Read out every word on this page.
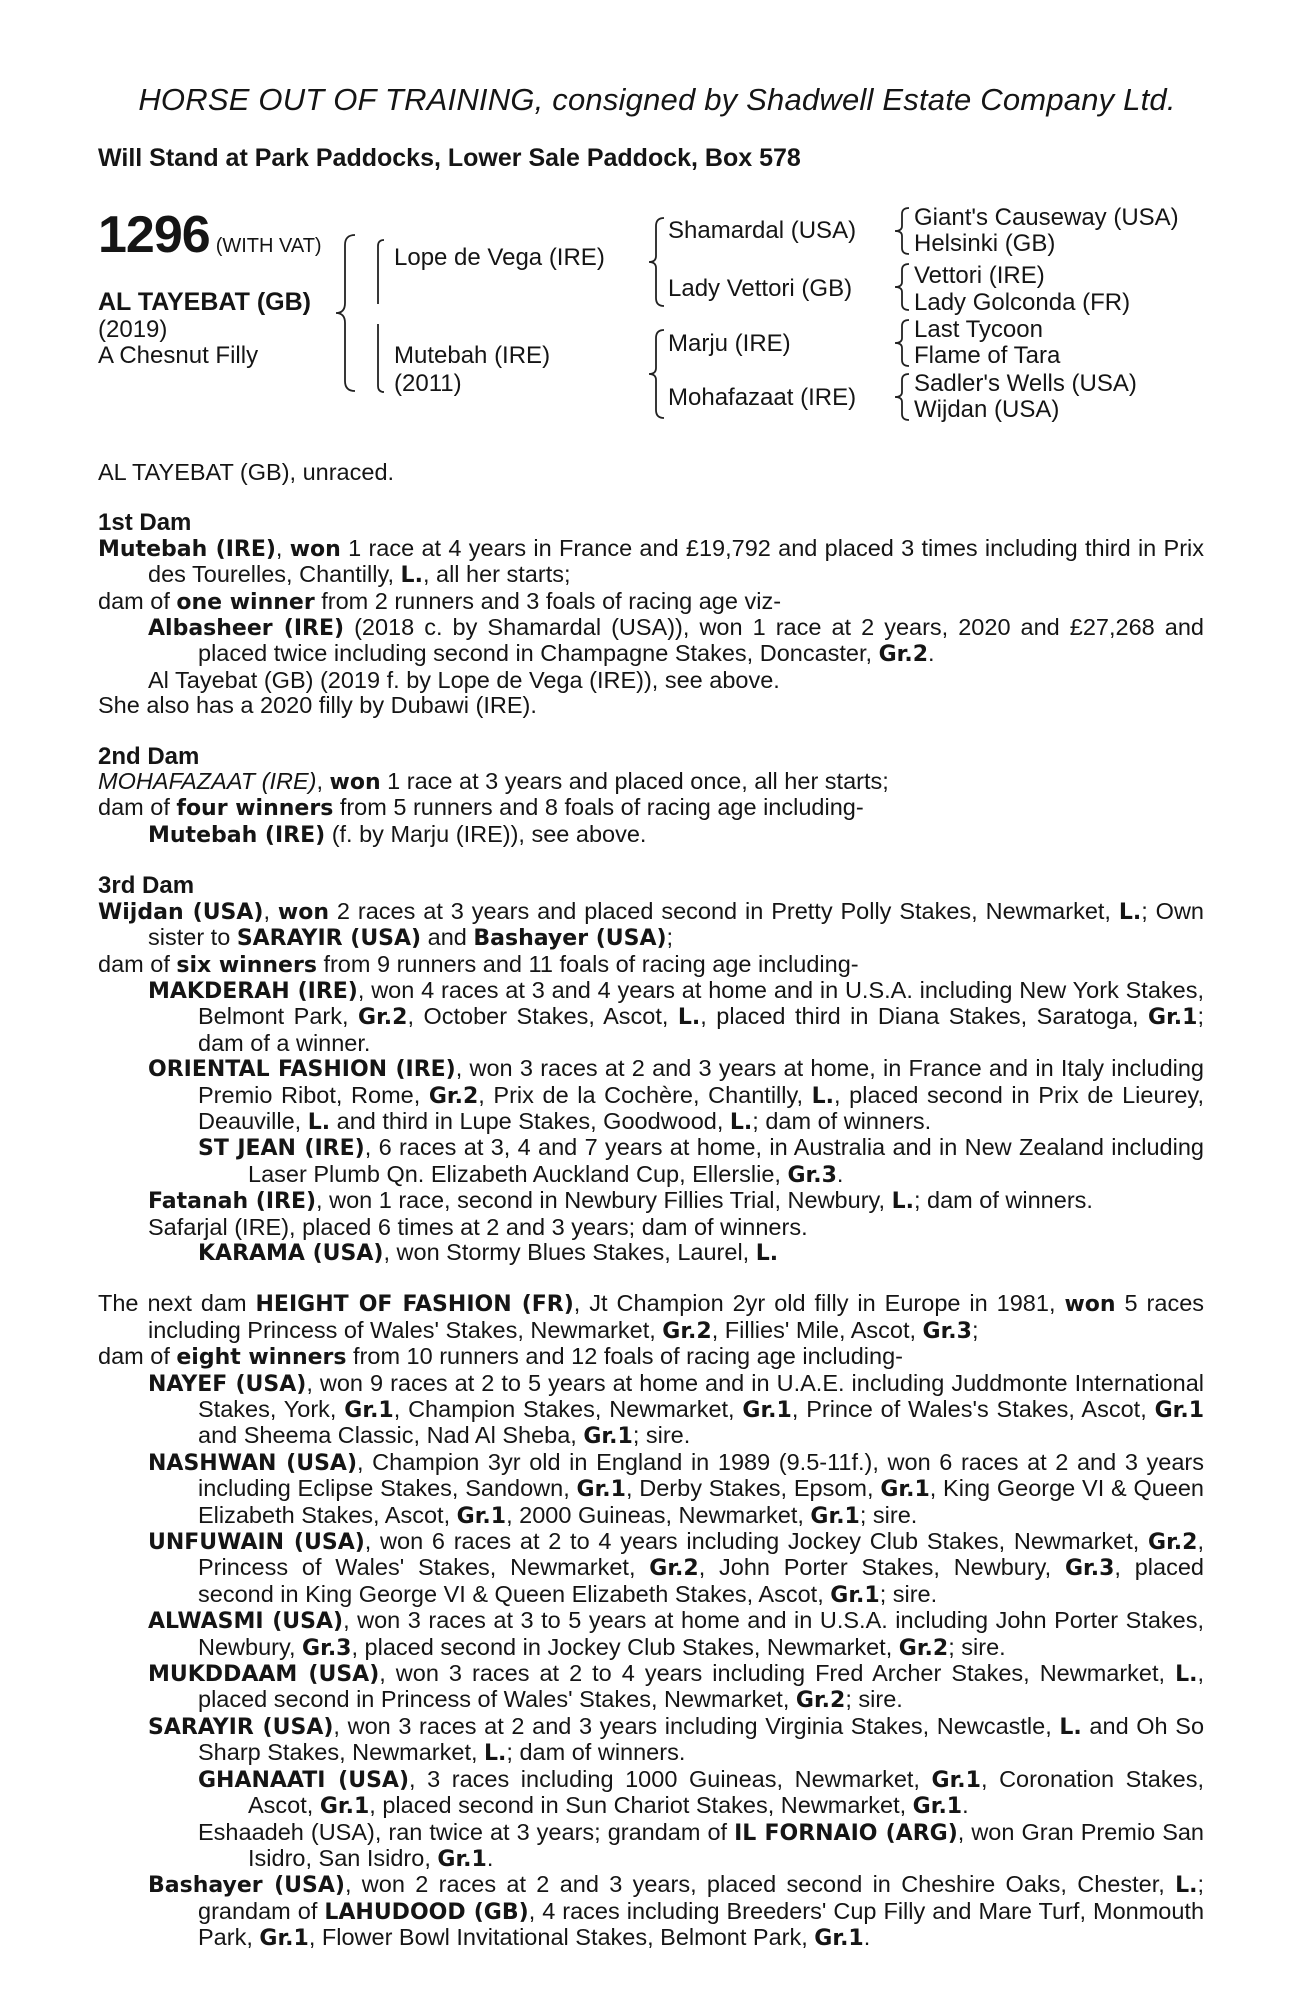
HORSE OUT OF TRAINING, consigned by Shadwell Estate Company Ltd.
Will Stand at Park Paddocks, Lower Sale Paddock, Box 578
1296 (WITH VAT)
AL TAYEBAT (GB)
(2019)
A Chesnut Filly
Lope de Vega (IRE)
Mutebah (IRE)
(2011)
Shamardal (USA)
Lady Vettori (GB)
Marju (IRE)
Mohafazaat (IRE)
Giant's Causeway (USA)
Helsinki (GB)
Vettori (IRE)
Lady Golconda (FR)
Last Tycoon
Flame of Tara
Sadler's Wells (USA)
Wijdan (USA)

AL TAYEBAT (GB), unraced.

1st Dam

Mutebah (IRE), won 1 race at 4 years in France and £19,792 and placed 3 times including third in Prix des Tourelles, Chantilly, L., all her starts;

dam of one winner from 2 runners and 3 foals of racing age viz-

Albasheer (IRE) (2018 c. by Shamardal (USA)), won 1 race at 2 years, 2020 and £27,268 and placed twice including second in Champagne Stakes, Doncaster, Gr.2.

Al Tayebat (GB) (2019 f. by Lope de Vega (IRE)), see above.

She also has a 2020 filly by Dubawi (IRE).

2nd Dam

MOHAFAZAAT (IRE), won 1 race at 3 years and placed once, all her starts;

dam of four winners from 5 runners and 8 foals of racing age including-

Mutebah (IRE) (f. by Marju (IRE)), see above.

3rd Dam

Wijdan (USA), won 2 races at 3 years and placed second in Pretty Polly Stakes, Newmarket, L.; Own sister to SARAYIR (USA) and Bashayer (USA);

dam of six winners from 9 runners and 11 foals of racing age including-

MAKDERAH (IRE), won 4 races at 3 and 4 years at home and in U.S.A. including New York Stakes, Belmont Park, Gr.2, October Stakes, Ascot, L., placed third in Diana Stakes, Saratoga, Gr.1; dam of a winner.

ORIENTAL FASHION (IRE), won 3 races at 2 and 3 years at home, in France and in Italy including Premio Ribot, Rome, Gr.2, Prix de la Cochère, Chantilly, L., placed second in Prix de Lieurey, Deauville, L. and third in Lupe Stakes, Goodwood, L.; dam of winners.

ST JEAN (IRE), 6 races at 3, 4 and 7 years at home, in Australia and in New Zealand including Laser Plumb Qn. Elizabeth Auckland Cup, Ellerslie, Gr.3.

Fatanah (IRE), won 1 race, second in Newbury Fillies Trial, Newbury, L.; dam of winners.

Safarjal (IRE), placed 6 times at 2 and 3 years; dam of winners.

KARAMA (USA), won Stormy Blues Stakes, Laurel, L.

The next dam HEIGHT OF FASHION (FR), Jt Champion 2yr old filly in Europe in 1981, won 5 races including Princess of Wales' Stakes, Newmarket, Gr.2, Fillies' Mile, Ascot, Gr.3;

dam of eight winners from 10 runners and 12 foals of racing age including-

NAYEF (USA), won 9 races at 2 to 5 years at home and in U.A.E. including Juddmonte International Stakes, York, Gr.1, Champion Stakes, Newmarket, Gr.1, Prince of Wales's Stakes, Ascot, Gr.1 and Sheema Classic, Nad Al Sheba, Gr.1; sire.

NASHWAN (USA), Champion 3yr old in England in 1989 (9.5-11f.), won 6 races at 2 and 3 years including Eclipse Stakes, Sandown, Gr.1, Derby Stakes, Epsom, Gr.1, King George VI & Queen Elizabeth Stakes, Ascot, Gr.1, 2000 Guineas, Newmarket, Gr.1; sire.

UNFUWAIN (USA), won 6 races at 2 to 4 years including Jockey Club Stakes, Newmarket, Gr.2, Princess of Wales' Stakes, Newmarket, Gr.2, John Porter Stakes, Newbury, Gr.3, placed second in King George VI & Queen Elizabeth Stakes, Ascot, Gr.1; sire.

ALWASMI (USA), won 3 races at 3 to 5 years at home and in U.S.A. including John Porter Stakes, Newbury, Gr.3, placed second in Jockey Club Stakes, Newmarket, Gr.2; sire.

MUKDDAAM (USA), won 3 races at 2 to 4 years including Fred Archer Stakes, Newmarket, L., placed second in Princess of Wales' Stakes, Newmarket, Gr.2; sire.

SARAYIR (USA), won 3 races at 2 and 3 years including Virginia Stakes, Newcastle, L. and Oh So Sharp Stakes, Newmarket, L.; dam of winners.

GHANAATI (USA), 3 races including 1000 Guineas, Newmarket, Gr.1, Coronation Stakes, Ascot, Gr.1, placed second in Sun Chariot Stakes, Newmarket, Gr.1.

Eshaadeh (USA), ran twice at 3 years; grandam of IL FORNAIO (ARG), won Gran Premio San Isidro, San Isidro, Gr.1.

Bashayer (USA), won 2 races at 2 and 3 years, placed second in Cheshire Oaks, Chester, L.; grandam of LAHUDOOD (GB), 4 races including Breeders' Cup Filly and Mare Turf, Monmouth Park, Gr.1, Flower Bowl Invitational Stakes, Belmont Park, Gr.1.
